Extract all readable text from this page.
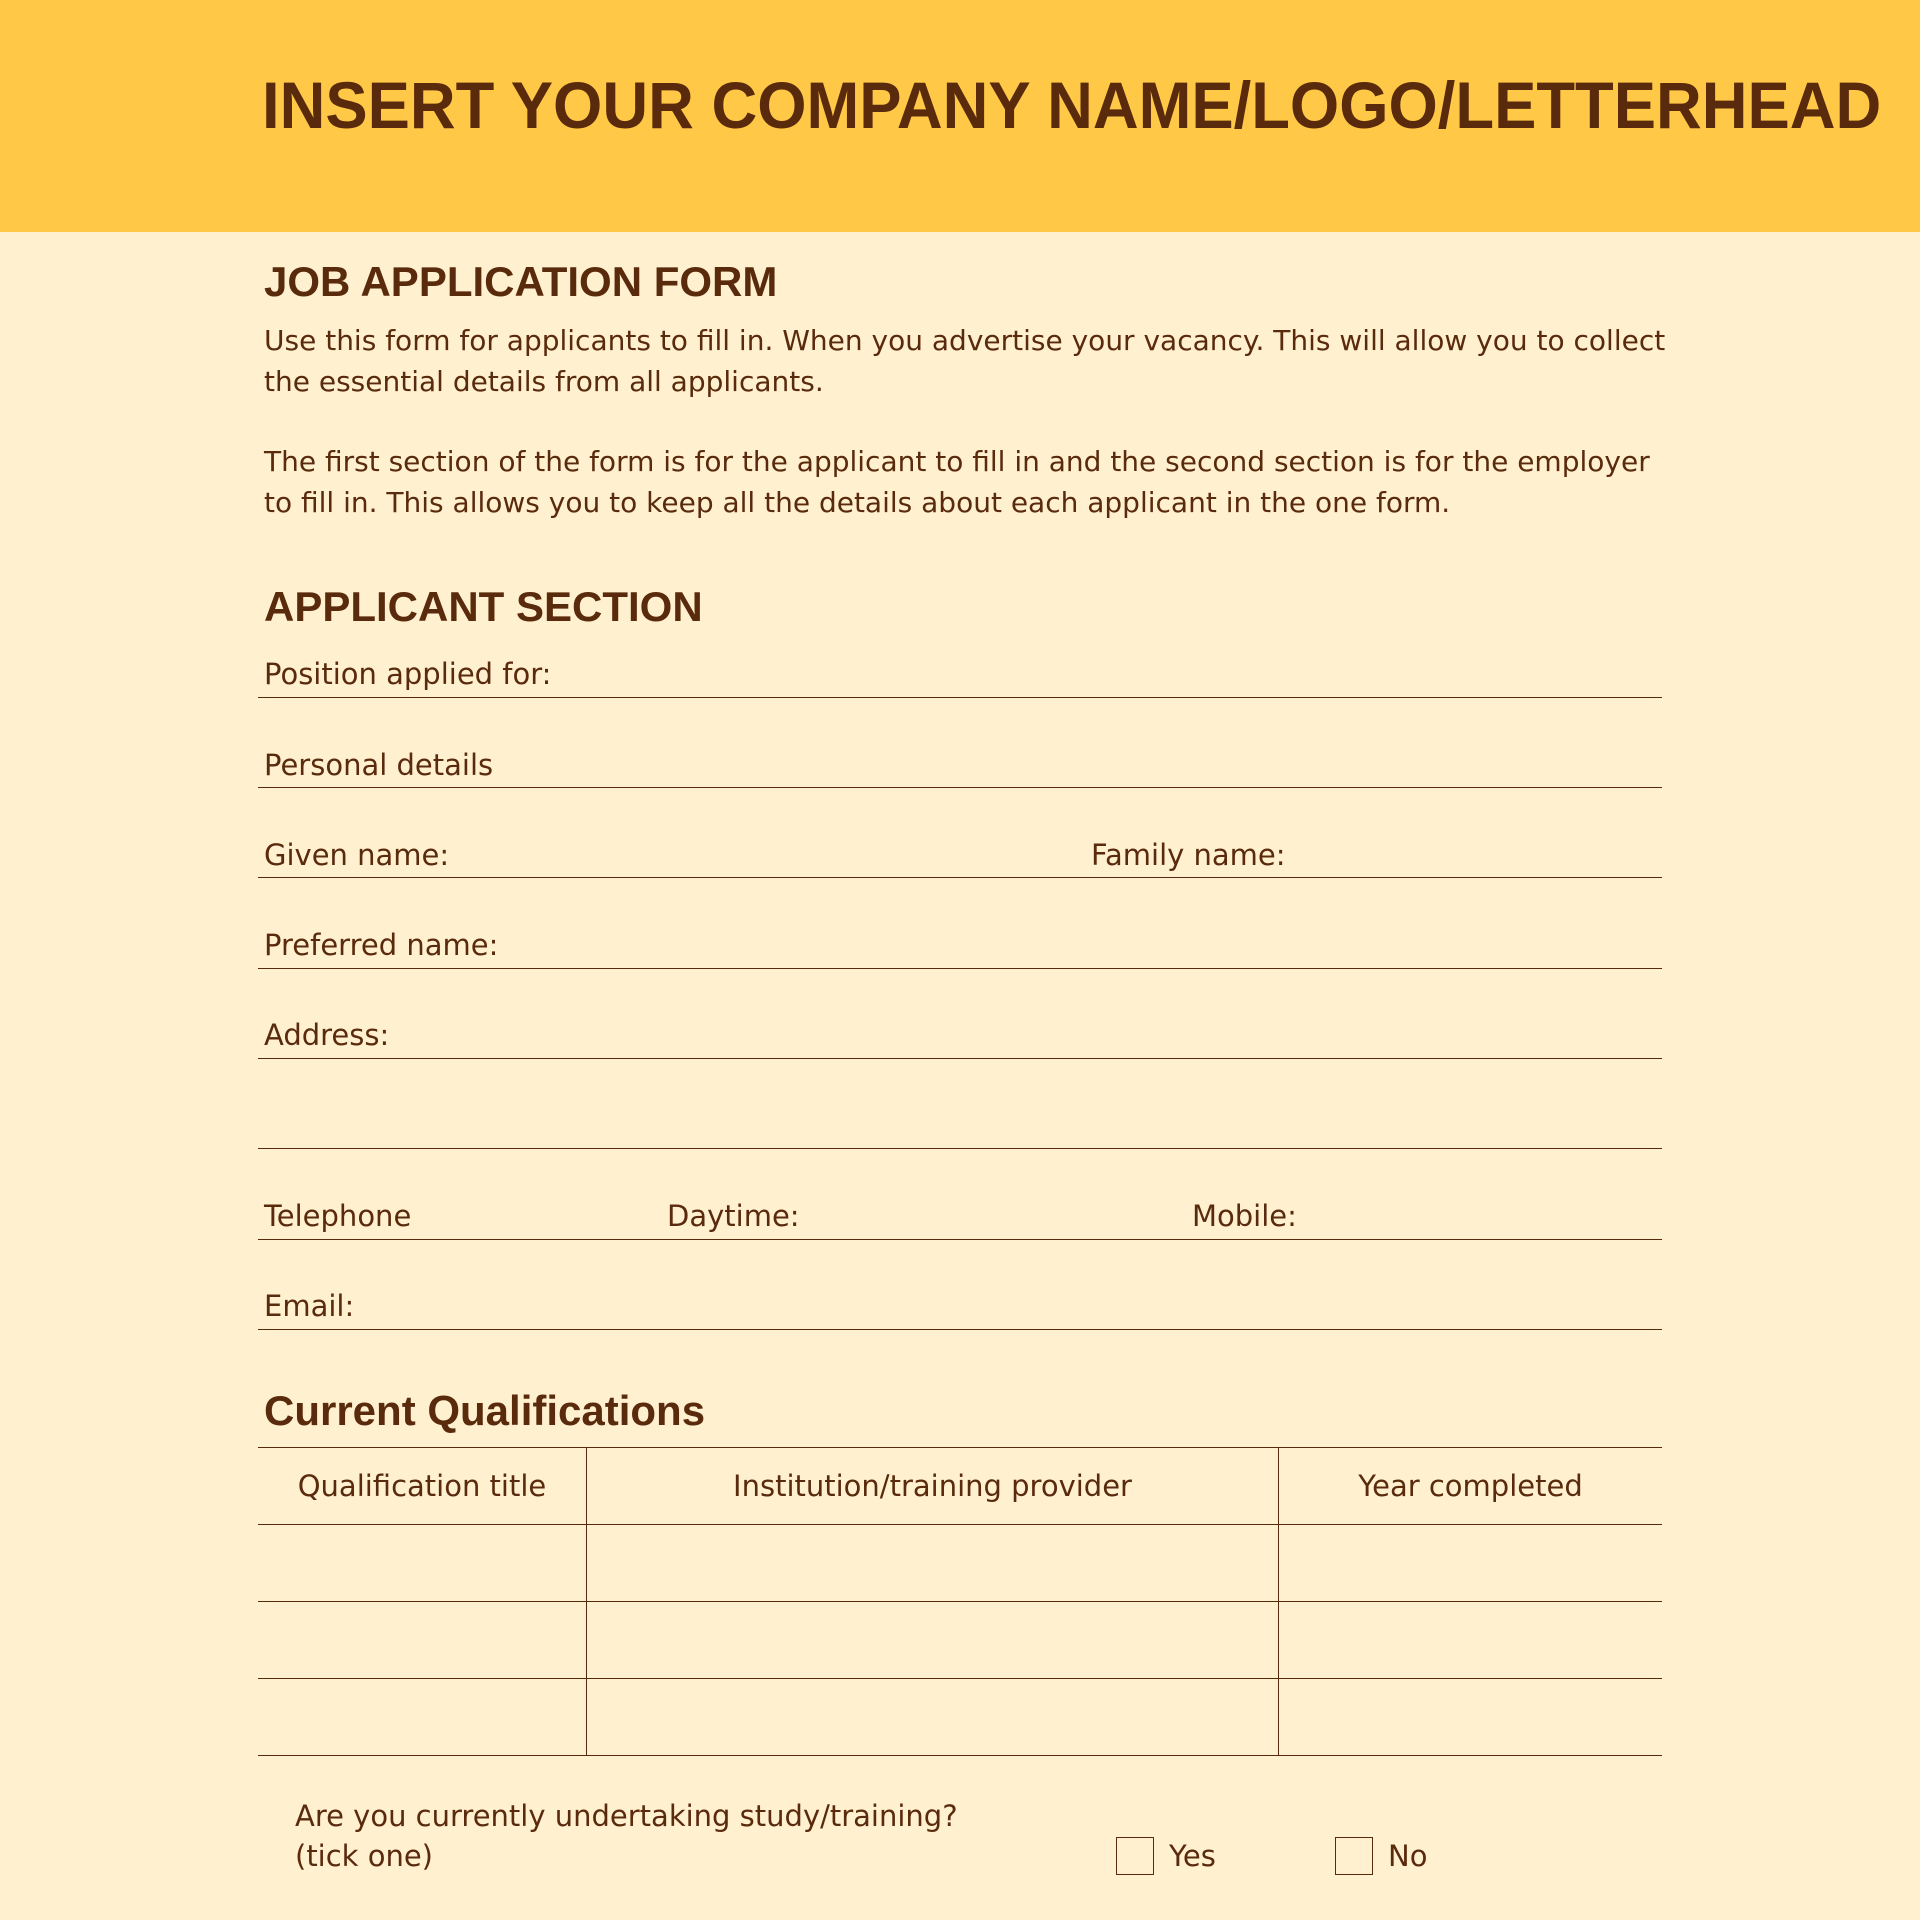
INSERT YOUR COMPANY NAME/LOGO/LETTERHEAD
JOB APPLICATION FORM

Use this form for applicants to fill in. When you advertise your vacancy. This will allow you to collect the essential details from all applicants.

The first section of the form is for the applicant to fill in and the second section is for the employer to fill in. This allows you to keep all the details about each applicant in the one form.

APPLICANT SECTION
Position applied for:
Personal details
Given name:	Family name:
Preferred name:
Address:
Telephone	Daytime:	Mobile:
Email:
Current Qualifications
Qualification title	Institution/training provider	Year completed

Are you currently undertaking study/training?
(tick one)	Yes	No
